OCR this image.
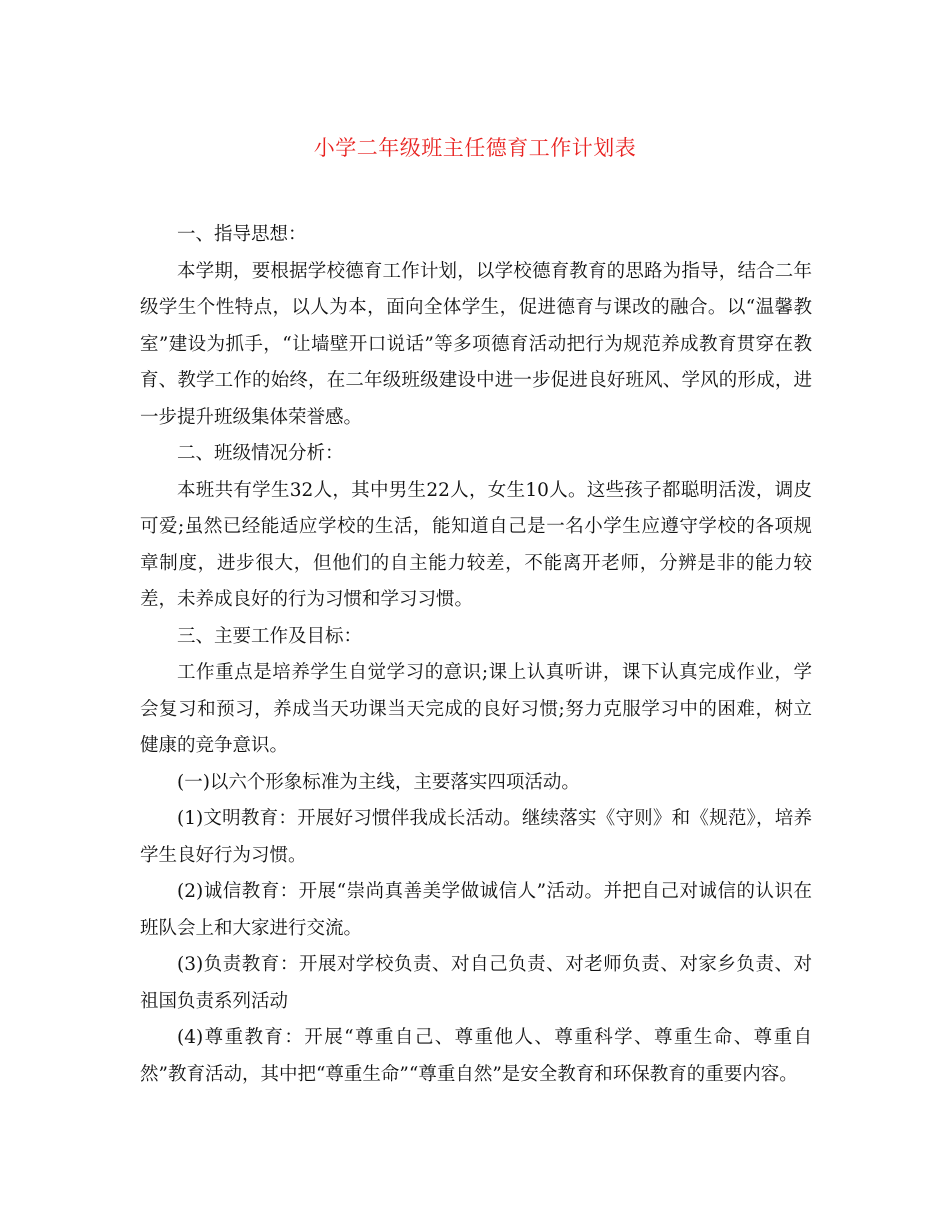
小学二年级班主任德育工作计划表

一、指导思想：

本学期，要根据学校德育工作计划，以学校德育教育的思路为指导，结合二年级学生个性特点，以人为本，面向全体学生，促进德育与课改的融合。以“温馨教室”建设为抓手，“让墙壁开口说话”等多项德育活动把行为规范养成教育贯穿在教育、教学工作的始终，在二年级班级建设中进一步促进良好班风、学风的形成，进一步提升班级集体荣誉感。

二、班级情况分析：

本班共有学生32人，其中男生22人，女生10人。这些孩子都聪明活泼，调皮可爱;虽然已经能适应学校的生活，能知道自己是一名小学生应遵守学校的各项规章制度，进步很大，但他们的自主能力较差，不能离开老师，分辨是非的能力较差，未养成良好的行为习惯和学习习惯。

三、主要工作及目标：

工作重点是培养学生自觉学习的意识;课上认真听讲，课下认真完成作业，学会复习和预习，养成当天功课当天完成的良好习惯;努力克服学习中的困难，树立健康的竞争意识。

(一)以六个形象标准为主线，主要落实四项活动。

(1)文明教育：开展好习惯伴我成长活动。继续落实《守则》和《规范》，培养学生良好行为习惯。

(2)诚信教育：开展“崇尚真善美学做诚信人”活动。并把自己对诚信的认识在班队会上和大家进行交流。

(3)负责教育：开展对学校负责、对自己负责、对老师负责、对家乡负责、对祖国负责系列活动

(4)尊重教育：开展“尊重自己、尊重他人、尊重科学、尊重生命、尊重自然”教育活动，其中把“尊重生命”“尊重自然”是安全教育和环保教育的重要内容。
